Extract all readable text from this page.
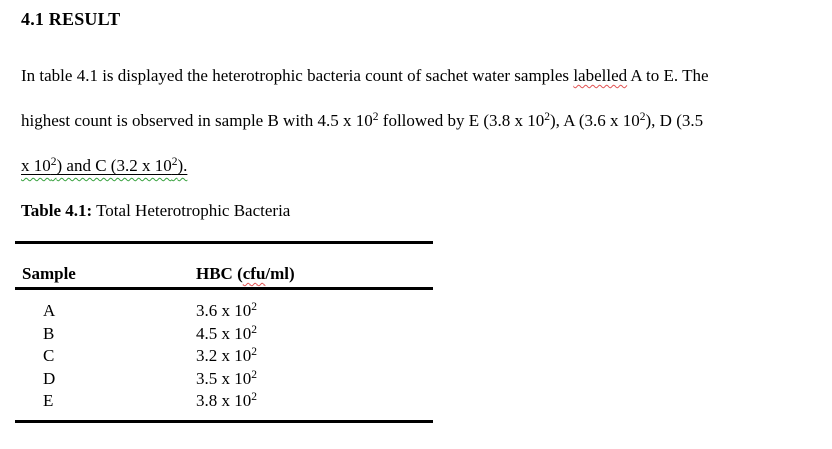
4.1 RESULT

In table 4.1 is displayed the heterotrophic bacteria count of sachet water samples labelled A to E. The
highest count is observed in sample B with 4.5 x $10^2$ followed by E (3.8 x $10^2$), A (3.6 x $10^2$), D (3.5
x $10^2$) and C (3.2 x $10^2$).

Table 4.1: Total Heterotrophic Bacteria
Sample	HBC (cfu/ml)
A	3.6 x $10^2$
B	4.5 x $10^2$
C	3.2 x $10^2$
D	3.5 x $10^2$
E	3.8 x $10^2$
